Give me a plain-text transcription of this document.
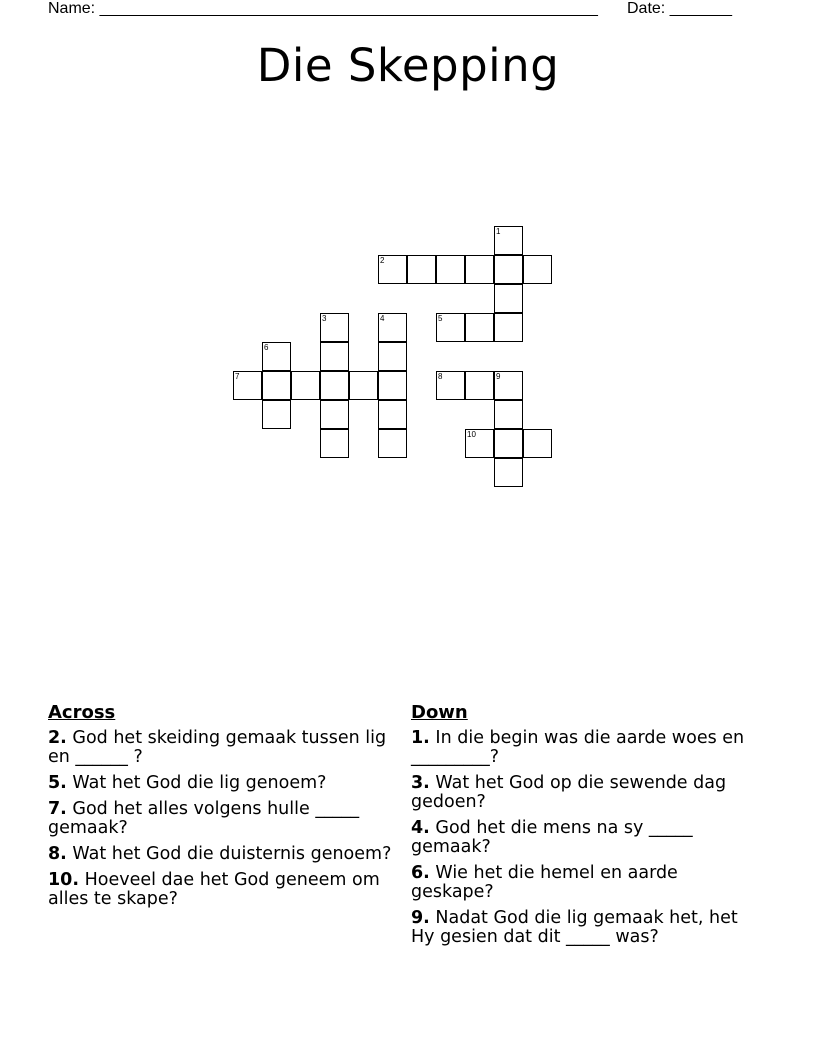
Name: ________________________________________________________ Date: _______
Die Skepping
1
2
3	4	5
6
7	8	9
10
Across
2. God het skeiding gemaak tussen lig en ______ ?
5. Wat het God die lig genoem?
7. God het alles volgens hulle _____ gemaak?
8. Wat het God die duisternis genoem?
10. Hoeveel dae het God geneem om alles te skape?
Down
1. In die begin was die aarde woes en _________?
3. Wat het God op die sewende dag gedoen?
4. God het die mens na sy _____ gemaak?
6. Wie het die hemel en aarde geskape?
9. Nadat God die lig gemaak het, het Hy gesien dat dit _____ was?
